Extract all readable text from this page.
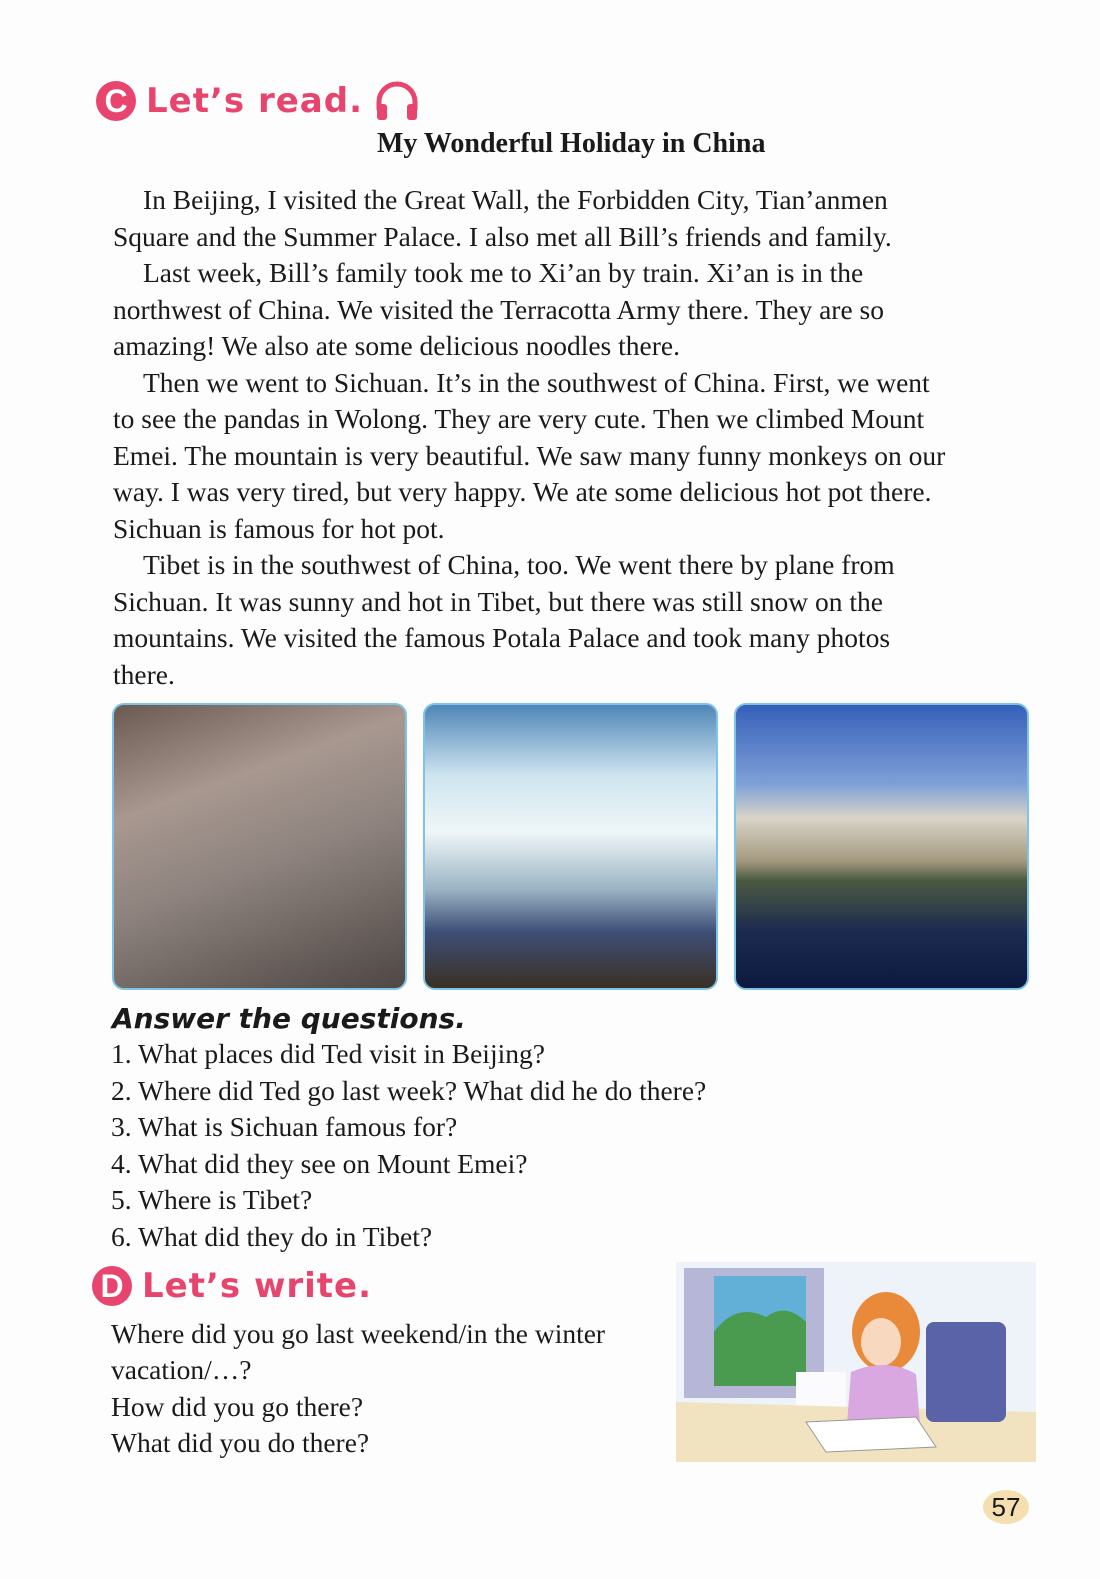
C Let’s read.
My Wonderful Holiday in China
In Beijing, I visited the Great Wall, the Forbidden City, Tian’anmen
Square and the Summer Palace. I also met all Bill’s friends and family.
Last week, Bill’s family took me to Xi’an by train. Xi’an is in the
northwest of China. We visited the Terracotta Army there. They are so
amazing! We also ate some delicious noodles there.
Then we went to Sichuan. It’s in the southwest of China. First, we went
to see the pandas in Wolong. They are very cute. Then we climbed Mount
Emei. The mountain is very beautiful. We saw many funny monkeys on our
way. I was very tired, but very happy. We ate some delicious hot pot there.
Sichuan is famous for hot pot.
Tibet is in the southwest of China, too. We went there by plane from
Sichuan. It was sunny and hot in Tibet, but there was still snow on the
mountains. We visited the famous Potala Palace and took many photos
there.
Answer the questions.
1. What places did Ted visit in Beijing?
2. Where did Ted go last week? What did he do there?
3. What is Sichuan famous for?
4. What did they see on Mount Emei?
5. Where is Tibet?
6. What did they do in Tibet?
D Let’s write.
Where did you go last weekend/in the winter
vacation/…?
How did you go there?
What did you do there?
57
